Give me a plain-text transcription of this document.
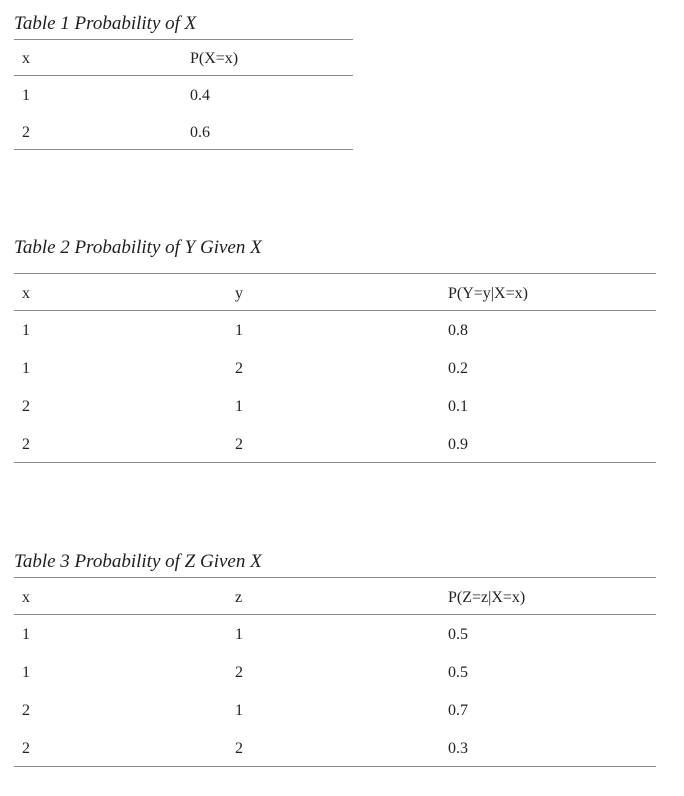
Table 1 Probability of X
x	P(X=x)
1	0.4
2	0.6
Table 2 Probability of Y Given X
x	y	P(Y=y|X=x)
1	1	0.8
1	2	0.2
2	1	0.1
2	2	0.9
Table 3 Probability of Z Given X
x	z	P(Z=z|X=x)
1	1	0.5
1	2	0.5
2	1	0.7
2	2	0.3
